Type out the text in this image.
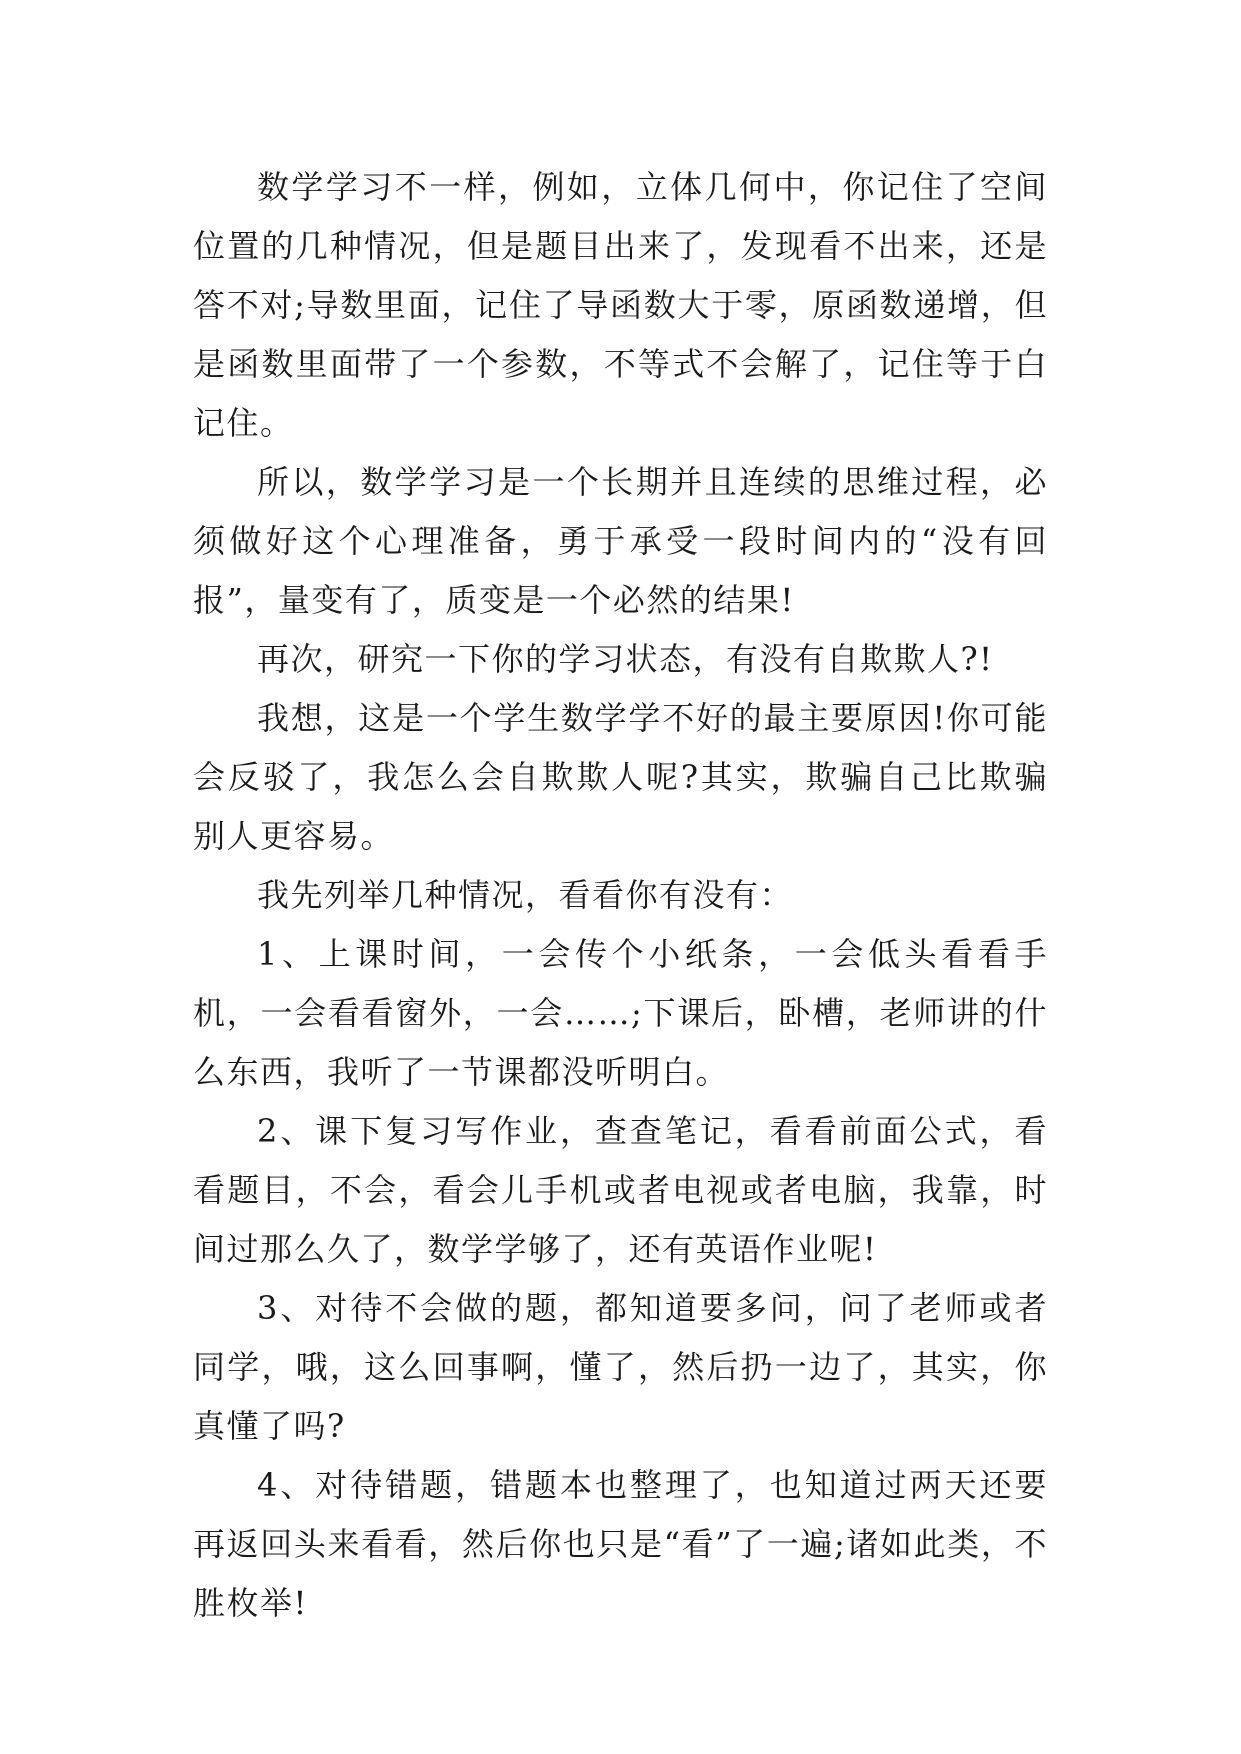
数学学习不一样，例如，立体几何中，你记住了空间位置的几种情况，但是题目出来了，发现看不出来，还是答不对;导数里面，记住了导函数大于零，原函数递增，但是函数里面带了一个参数，不等式不会解了，记住等于白记住。

所以，数学学习是一个长期并且连续的思维过程，必须做好这个心理准备，勇于承受一段时间内的“没有回报”，量变有了，质变是一个必然的结果!

再次，研究一下你的学习状态，有没有自欺欺人?!

我想，这是一个学生数学学不好的最主要原因!你可能会反驳了，我怎么会自欺欺人呢?其实，欺骗自己比欺骗别人更容易。

我先列举几种情况，看看你有没有：

1、上课时间，一会传个小纸条，一会低头看看手机，一会看看窗外，一会……;下课后，卧槽，老师讲的什么东西，我听了一节课都没听明白。

2、课下复习写作业，查查笔记，看看前面公式，看看题目，不会，看会儿手机或者电视或者电脑，我靠，时间过那么久了，数学学够了，还有英语作业呢!

3、对待不会做的题，都知道要多问，问了老师或者同学，哦，这么回事啊，懂了，然后扔一边了，其实，你真懂了吗?

4、对待错题，错题本也整理了，也知道过两天还要再返回头来看看，然后你也只是“看”了一遍;诸如此类，不胜枚举!
